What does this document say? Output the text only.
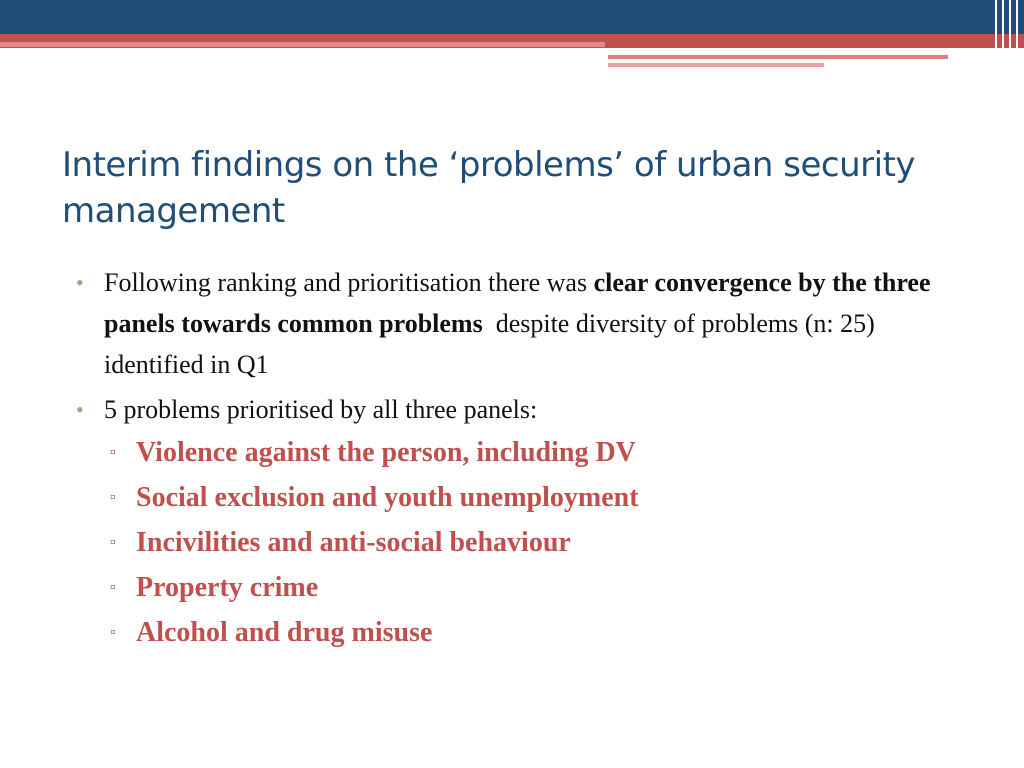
Interim findings on the ‘problems’ of urban security management
• Following ranking and prioritisation there was clear convergence by the three panels towards common problems  despite diversity of problems (n: 25) identified in Q1
• 5 problems prioritised by all three panels:
▫ Violence against the person, including DV
▫ Social exclusion and youth unemployment
▫ Incivilities and anti-social behaviour
▫ Property crime
▫ Alcohol and drug misuse
